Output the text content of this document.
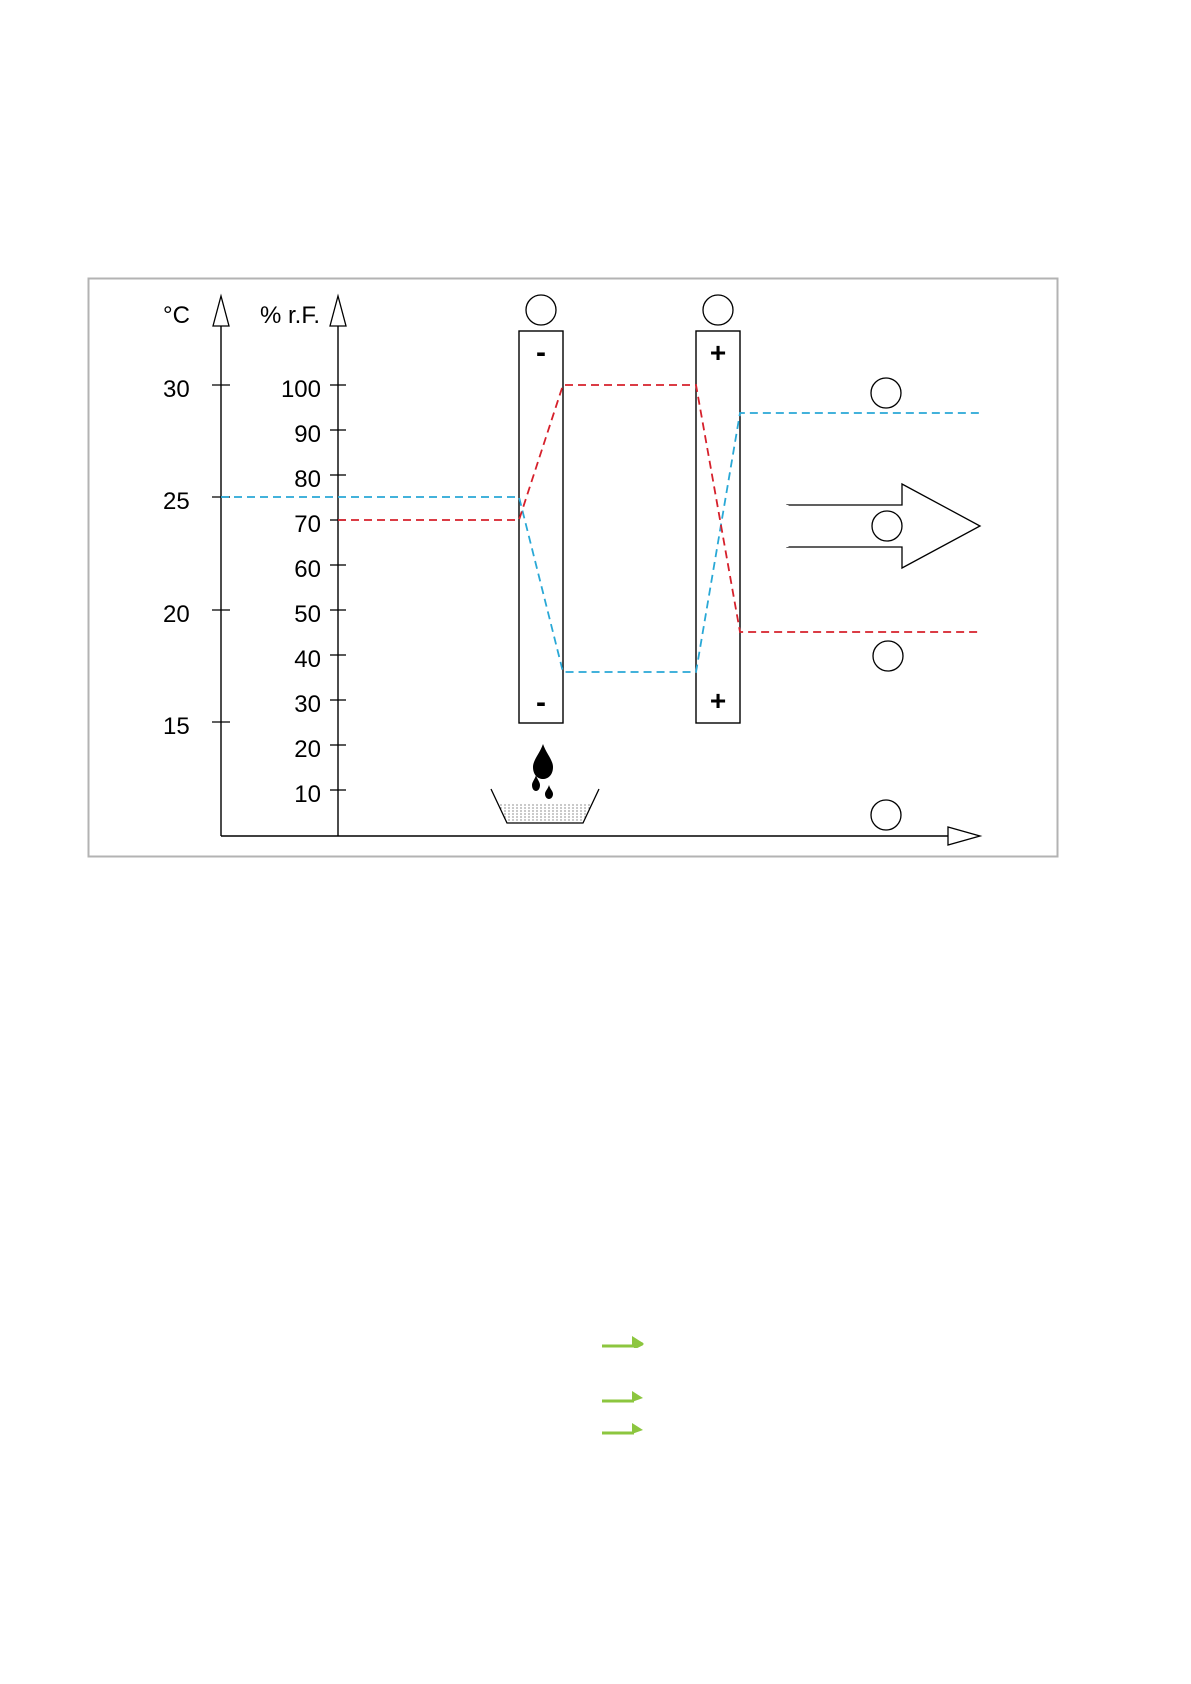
°C
30
25
20
15
% r.F.
100
90
80
70
60
50
40
30
20
10
-
-
+
+
